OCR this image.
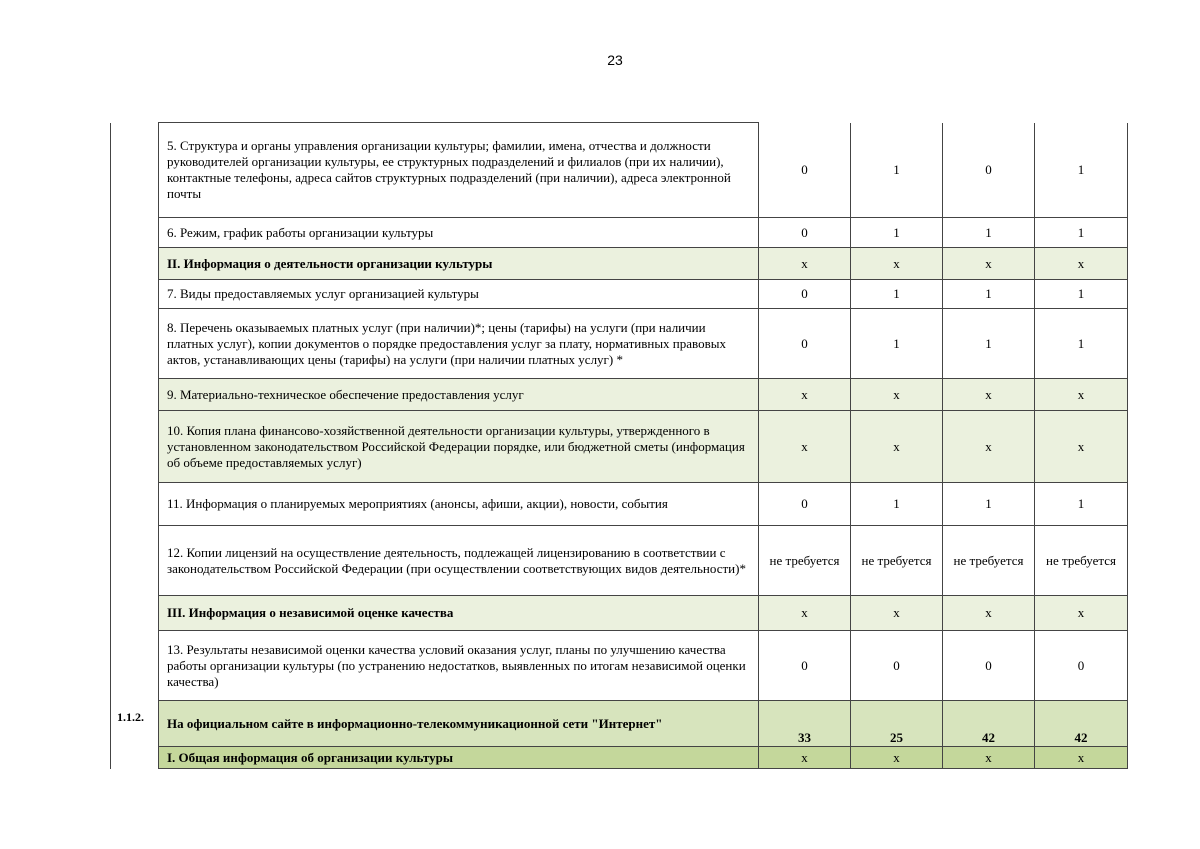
23
	5. Структура и органы управления организации культуры; фамилии, имена, отчества и должности руководителей организации культуры, ее структурных подразделений и филиалов (при их наличии), контактные телефоны, адреса сайтов структурных подразделений (при наличии), адреса электронной почты	0	1	0	1
	6. Режим, график работы организации культуры	0	1	1	1
	II. Информация о деятельности организации культуры	x	x	x	x
	7. Виды предоставляемых услуг организацией культуры	0	1	1	1
	8. Перечень оказываемых платных услуг (при наличии)*; цены (тарифы) на услуги (при наличии платных услуг), копии документов о порядке предоставления услуг за плату, нормативных правовых актов, устанавливающих цены (тарифы) на услуги (при наличии платных услуг) *	0	1	1	1
	9. Материально-техническое обеспечение предоставления услуг	x	x	x	x
	10. Копия плана финансово-хозяйственной деятельности организации культуры, утвержденного в установленном законодательством Российской Федерации порядке, или бюджетной сметы (информация об объеме предоставляемых услуг)	x	x	x	x
	11. Информация о планируемых мероприятиях (анонсы, афиши, акции), новости, события	0	1	1	1
	12. Копии лицензий на осуществление деятельность, подлежащей лицензированию в соответствии с законодательством Российской Федерации (при осуществлении соответствующих видов деятельности)*	не требуется	не требуется	не требуется	не требуется
	III. Информация о независимой оценке качества	x	x	x	x
	13. Результаты независимой оценки качества условий оказания услуг, планы по улучшению качества работы организации культуры (по устранению недостатков, выявленных по итогам независимой оценки качества)	0	0	0	0
1.1.2.	На официальном сайте в информационно-телекоммуникационной сети "Интернет"	33	25	42	42
	I. Общая информация об организации культуры	x	x	x	x
